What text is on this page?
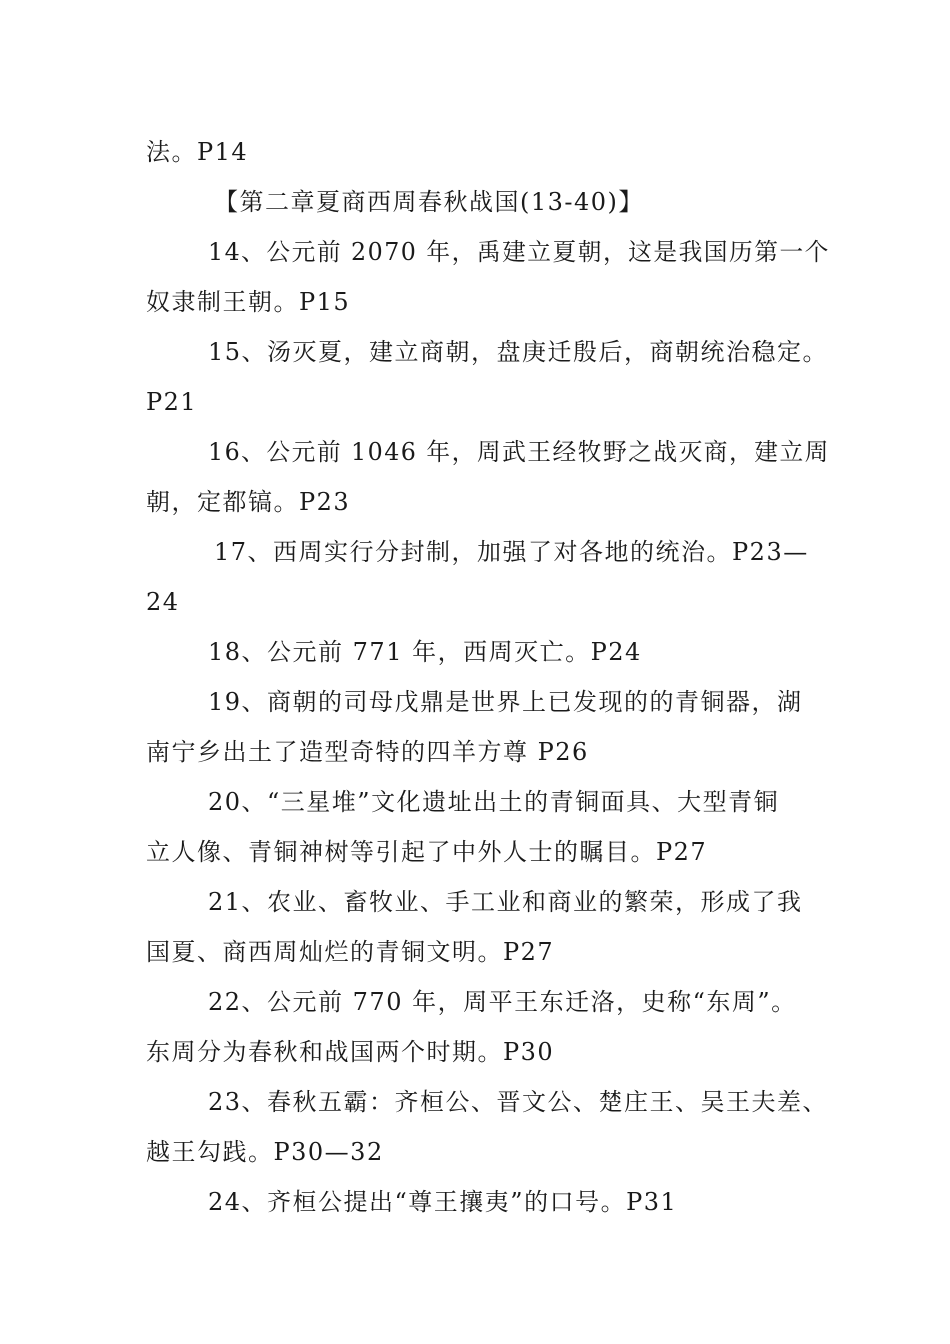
法。P14
【第二章夏商西周春秋战国(13-40)】
14、公元前 2070 年，禹建立夏朝，这是我国历第一个
奴隶制王朝。P15
15、汤灭夏，建立商朝，盘庚迁殷后，商朝统治稳定。
P21
16、公元前 1046 年，周武王经牧野之战灭商，建立周
朝，定都镐。P23
17、西周实行分封制，加强了对各地的统治。P23—
24
18、公元前 771 年，西周灭亡。P24
19、商朝的司母戊鼎是世界上已发现的的青铜器，湖
南宁乡出土了造型奇特的四羊方尊 P26
20、“三星堆”文化遗址出土的青铜面具、大型青铜
立人像、青铜神树等引起了中外人士的瞩目。P27
21、农业、畜牧业、手工业和商业的繁荣，形成了我
国夏、商西周灿烂的青铜文明。P27
22、公元前 770 年，周平王东迁洛，史称“东周”。
东周分为春秋和战国两个时期。P30
23、春秋五霸：齐桓公、晋文公、楚庄王、吴王夫差、
越王勾践。P30—32
24、齐桓公提出“尊王攘夷”的口号。P31
